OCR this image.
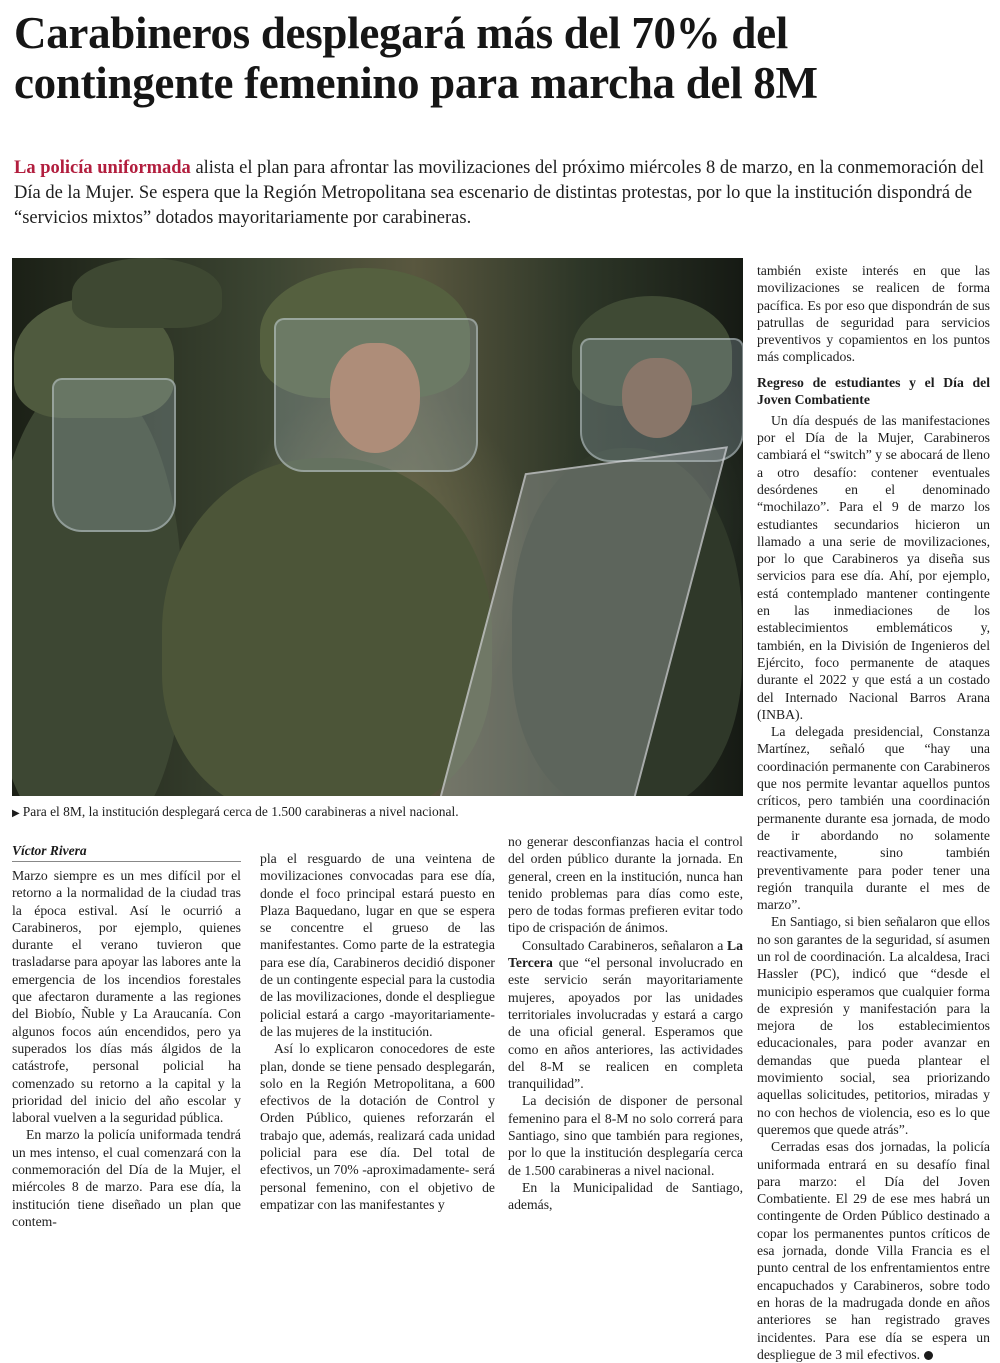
Carabineros desplegará más del 70% del contingente femenino para marcha del 8M

La policía uniformada alista el plan para afrontar las movilizaciones del próximo miércoles 8 de marzo, en la conmemoración del Día de la Mujer. Se espera que la Región Metropolitana sea escenario de distintas protestas, por lo que la institución dispondrá de “servicios mixtos” dotados mayoritariamente por carabineras.

▶ Para el 8M, la institución desplegará cerca de 1.500 carabineras a nivel nacional.

Víctor Rivera

Marzo siempre es un mes difícil por el retorno a la normalidad de la ciudad tras la época estival. Así le ocurrió a Carabineros, por ejemplo, quienes durante el verano tuvieron que trasladarse para apoyar las labores ante la emergencia de los incendios forestales que afectaron duramente a las regiones del Biobío, Ñuble y La Araucanía. Con algunos focos aún encendidos, pero ya superados los días más álgidos de la catástrofe, personal policial ha comenzado su retorno a la capital y la prioridad del inicio del año escolar y laboral vuelven a la seguridad pública.

En marzo la policía uniformada tendrá un mes intenso, el cual comenzará con la conmemoración del Día de la Mujer, el miércoles 8 de marzo. Para ese día, la institución tiene diseñado un plan que contem-

pla el resguardo de una veintena de movilizaciones convocadas para ese día, donde el foco principal estará puesto en Plaza Baquedano, lugar en que se espera se concentre el grueso de las manifestantes. Como parte de la estrategia para ese día, Carabineros decidió disponer de un contingente especial para la custodia de las movilizaciones, donde el despliegue policial estará a cargo -mayoritariamente- de las mujeres de la institución.

Así lo explicaron conocedores de este plan, donde se tiene pensado desplegarán, solo en la Región Metropolitana, a 600 efectivos de la dotación de Control y Orden Público, quienes reforzarán el trabajo que, además, realizará cada unidad policial para ese día. Del total de efectivos, un 70% -aproximadamente- será personal femenino, con el objetivo de empatizar con las manifestantes y

no generar desconfianzas hacia el control del orden público durante la jornada. En general, creen en la institución, nunca han tenido problemas para días como este, pero de todas formas prefieren evitar todo tipo de crispación de ánimos.

Consultado Carabineros, señalaron a La Tercera que “el personal involucrado en este servicio serán mayoritariamente mujeres, apoyados por las unidades territoriales involucradas y estará a cargo de una oficial general. Esperamos que como en años anteriores, las actividades del 8-M se realicen en completa tranquilidad”.

La decisión de disponer de personal femenino para el 8-M no solo correrá para Santiago, sino que también para regiones, por lo que la institución desplegaría cerca de 1.500 carabineras a nivel nacional.

En la Municipalidad de Santiago, además,

también existe interés en que las movilizaciones se realicen de forma pacífica. Es por eso que dispondrán de sus patrullas de seguridad para servicios preventivos y copamientos en los puntos más complicados.

Regreso de estudiantes y el Día del Joven Combatiente

Un día después de las manifestaciones por el Día de la Mujer, Carabineros cambiará el “switch” y se abocará de lleno a otro desafío: contener eventuales desórdenes en el denominado “mochilazo”. Para el 9 de marzo los estudiantes secundarios hicieron un llamado a una serie de movilizaciones, por lo que Carabineros ya diseña sus servicios para ese día. Ahí, por ejemplo, está contemplado mantener contingente en las inmediaciones de los establecimientos emblemáticos y, también, en la División de Ingenieros del Ejército, foco permanente de ataques durante el 2022 y que está a un costado del Internado Nacional Barros Arana (INBA).

La delegada presidencial, Constanza Martínez, señaló que “hay una coordinación permanente con Carabineros que nos permite levantar aquellos puntos críticos, pero también una coordinación permanente durante esa jornada, de modo de ir abordando no solamente reactivamente, sino también preventivamente para poder tener una región tranquila durante el mes de marzo”.

En Santiago, si bien señalaron que ellos no son garantes de la seguridad, sí asumen un rol de coordinación. La alcaldesa, Iraci Hassler (PC), indicó que “desde el municipio esperamos que cualquier forma de expresión y manifestación para la mejora de los establecimientos educacionales, para poder avanzar en demandas que pueda plantear el movimiento social, sea priorizando aquellas solicitudes, petitorios, miradas y no con hechos de violencia, eso es lo que queremos que quede atrás”.

Cerradas esas dos jornadas, la policía uniformada entrará en su desafío final para marzo: el Día del Joven Combatiente. El 29 de ese mes habrá un contingente de Orden Público destinado a copar los permanentes puntos críticos de esa jornada, donde Villa Francia es el punto central de los enfrentamientos entre encapuchados y Carabineros, sobre todo en horas de la madrugada donde en años anteriores se han registrado graves incidentes. Para ese día se espera un despliegue de 3 mil efectivos.
